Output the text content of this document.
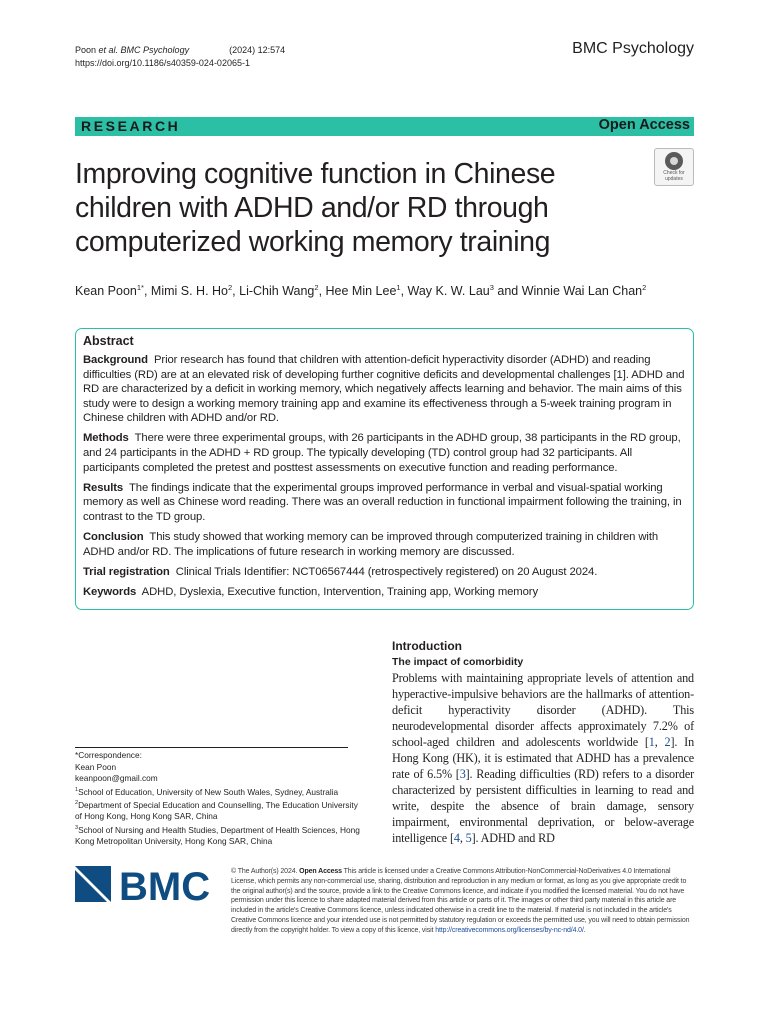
Poon et al. BMC Psychology	(2024) 12:574
https://doi.org/10.1186/s40359-024-02065-1
BMC Psychology
RESEARCH	Open Access
Improving cognitive function in Chinese children with ADHD and/or RD through computerized working memory training
Check for
updates
Kean Poon$^{1*}$, Mimi S. H. Ho$^2$, Li-Chih Wang$^2$, Hee Min Lee$^1$, Way K. W. Lau$^3$ and Winnie Wai Lan Chan$^2$
Abstract

Background Prior research has found that children with attention-deficit hyperactivity disorder (ADHD) and reading difficulties (RD) are at an elevated risk of developing further cognitive deficits and developmental challenges [1]. ADHD and RD are characterized by a deficit in working memory, which negatively affects learning and behavior. The main aims of this study were to design a working memory training app and examine its effectiveness through a 5-week training program in Chinese children with ADHD and/or RD.

Methods There were three experimental groups, with 26 participants in the ADHD group, 38 participants in the RD group, and 24 participants in the ADHD + RD group. The typically developing (TD) control group had 32 participants. All participants completed the pretest and posttest assessments on executive function and reading performance.

Results The findings indicate that the experimental groups improved performance in verbal and visual-spatial working memory as well as Chinese word reading. There was an overall reduction in functional impairment following the training, in contrast to the TD group.

Conclusion This study showed that working memory can be improved through computerized training in children with ADHD and/or RD. The implications of future research in working memory are discussed.

Trial registration Clinical Trials Identifier: NCT06567444 (retrospectively registered) on 20 August 2024.

Keywords ADHD, Dyslexia, Executive function, Intervention, Training app, Working memory

Introduction
The impact of comorbidity
Problems with maintaining appropriate levels of attention and hyperactive-impulsive behaviors are the hallmarks of attention-deficit hyperactivity disorder (ADHD). This neurodevelopmental disorder affects approximately 7.2% of school-aged children and adolescents worldwide [1, 2]. In Hong Kong (HK), it is estimated that ADHD has a prevalence rate of 6.5% [3]. Reading difficulties (RD) refers to a disorder characterized by persistent difficulties in learning to read and write, despite the absence of brain damage, sensory impairment, environmental deprivation, or below-average intelligence [4, 5]. ADHD and RD
*Correspondence:
Kean Poon
keanpoon@gmail.com
$^1$School of Education, University of New South Wales, Sydney, Australia
$^2$Department of Special Education and Counselling, The Education University of Hong Kong, Hong Kong SAR, China
$^3$School of Nursing and Health Studies, Department of Health Sciences, Hong Kong Metropolitan University, Hong Kong SAR, China
BMC	© The Author(s) 2024. Open Access This article is licensed under a Creative Commons Attribution-NonCommercial-NoDerivatives 4.0 International License, which permits any non-commercial use, sharing, distribution and reproduction in any medium or format, as long as you give appropriate credit to the original author(s) and the source, provide a link to the Creative Commons licence, and indicate if you modified the licensed material. You do not have permission under this licence to share adapted material derived from this article or parts of it. The images or other third party material in this article are included in the article's Creative Commons licence, unless indicated otherwise in a credit line to the material. If material is not included in the article's Creative Commons licence and your intended use is not permitted by statutory regulation or exceeds the permitted use, you will need to obtain permission directly from the copyright holder. To view a copy of this licence, visit http://creativecommons.org/licenses/by-nc-nd/4.0/.
